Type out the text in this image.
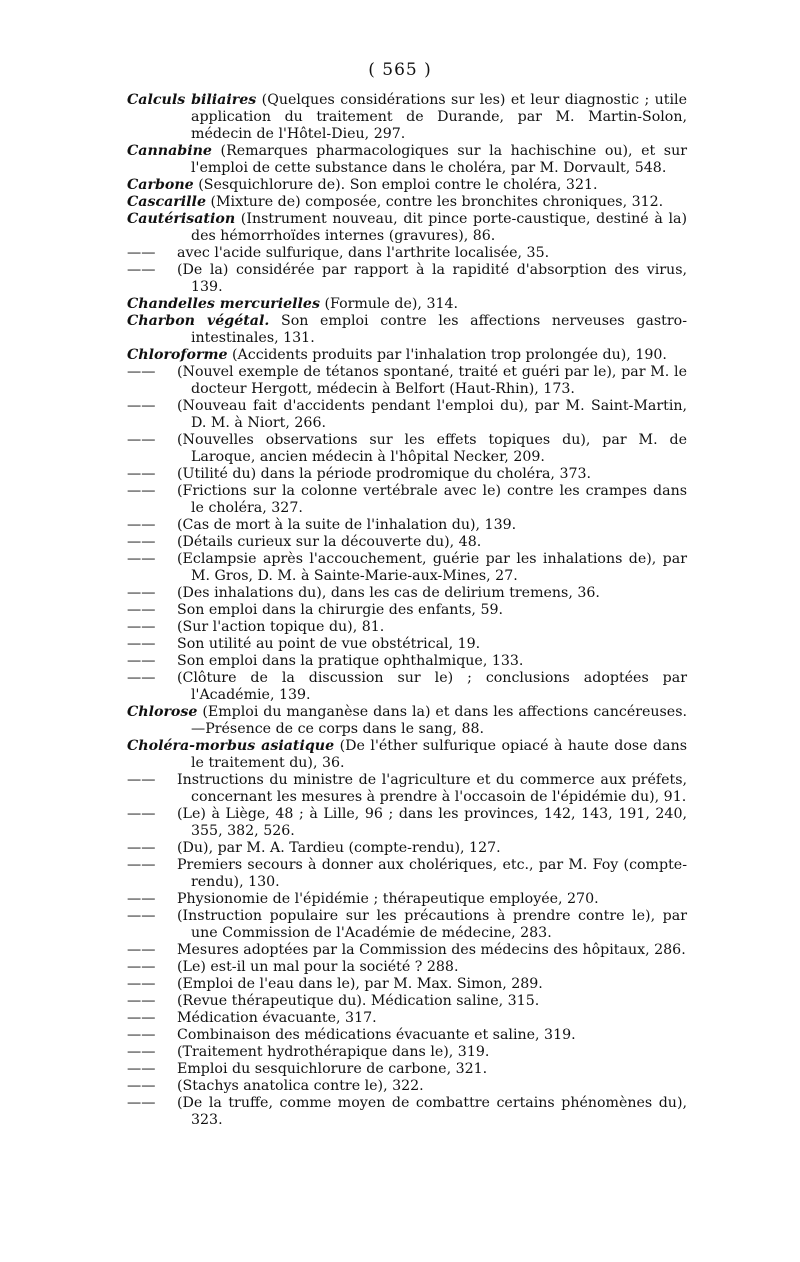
( 565 )
Calculs biliaires (Quelques considérations sur les) et leur diagnostic ; utile application du traitement de Durande, par M. Martin-Solon, médecin de l'Hôtel-Dieu, 297.
Cannabine (Remarques pharmacologiques sur la hachischine ou), et sur l'emploi de cette substance dans le choléra, par M. Dorvault, 548.
Carbone (Sesquichlorure de). Son emploi contre le choléra, 321.
Cascarille (Mixture de) composée, contre les bronchites chroniques, 312.
Cautérisation (Instrument nouveau, dit pince porte-caustique, destiné à la) des hémorrhoïdes internes (gravures), 86.
—— avec l'acide sulfurique, dans l'arthrite localisée, 35.
—— (De la) considérée par rapport à la rapidité d'absorption des virus, 139.
Chandelles mercurielles (Formule de), 314.
Charbon végétal. Son emploi contre les affections nerveuses gastro-intestinales, 131.
Chloroforme (Accidents produits par l'inhalation trop prolongée du), 190.
—— (Nouvel exemple de tétanos spontané, traité et guéri par le), par M. le docteur Hergott, médecin à Belfort (Haut-Rhin), 173.
—— (Nouveau fait d'accidents pendant l'emploi du), par M. Saint-Martin, D. M. à Niort, 266.
—— (Nouvelles observations sur les effets topiques du), par M. de Laroque, ancien médecin à l'hôpital Necker, 209.
—— (Utilité du) dans la période prodromique du choléra, 373.
—— (Frictions sur la colonne vertébrale avec le) contre les crampes dans le choléra, 327.
—— (Cas de mort à la suite de l'inhalation du), 139.
—— (Détails curieux sur la découverte du), 48.
—— (Eclampsie après l'accouchement, guérie par les inhalations de), par M. Gros, D. M. à Sainte-Marie-aux-Mines, 27.
—— (Des inhalations du), dans les cas de delirium tremens, 36.
—— Son emploi dans la chirurgie des enfants, 59.
—— (Sur l'action topique du), 81.
—— Son utilité au point de vue obstétrical, 19.
—— Son emploi dans la pratique ophthalmique, 133.
—— (Clôture de la discussion sur le) ; conclusions adoptées par l'Académie, 139.
Chlorose (Emploi du manganèse dans la) et dans les affections cancéreuses. —Présence de ce corps dans le sang, 88.
Choléra-morbus asiatique (De l'éther sulfurique opiacé à haute dose dans le traitement du), 36.
—— Instructions du ministre de l'agriculture et du commerce aux préfets, concernant les mesures à prendre à l'occasoin de l'épidémie du), 91.
—— (Le) à Liège, 48 ; à Lille, 96 ; dans les provinces, 142, 143, 191, 240, 355, 382, 526.
—— (Du), par M. A. Tardieu (compte-rendu), 127.
—— Premiers secours à donner aux cholériques, etc., par M. Foy (compte-rendu), 130.
—— Physionomie de l'épidémie ; thérapeutique employée, 270.
—— (Instruction populaire sur les précautions à prendre contre le), par une Commission de l'Académie de médecine, 283.
—— Mesures adoptées par la Commission des médecins des hôpitaux, 286.
—— (Le) est-il un mal pour la société ? 288.
—— (Emploi de l'eau dans le), par M. Max. Simon, 289.
—— (Revue thérapeutique du). Médication saline, 315.
—— Médication évacuante, 317.
—— Combinaison des médications évacuante et saline, 319.
—— (Traitement hydrothérapique dans le), 319.
—— Emploi du sesquichlorure de carbone, 321.
—— (Stachys anatolica contre le), 322.
—— (De la truffe, comme moyen de combattre certains phénomènes du), 323.
